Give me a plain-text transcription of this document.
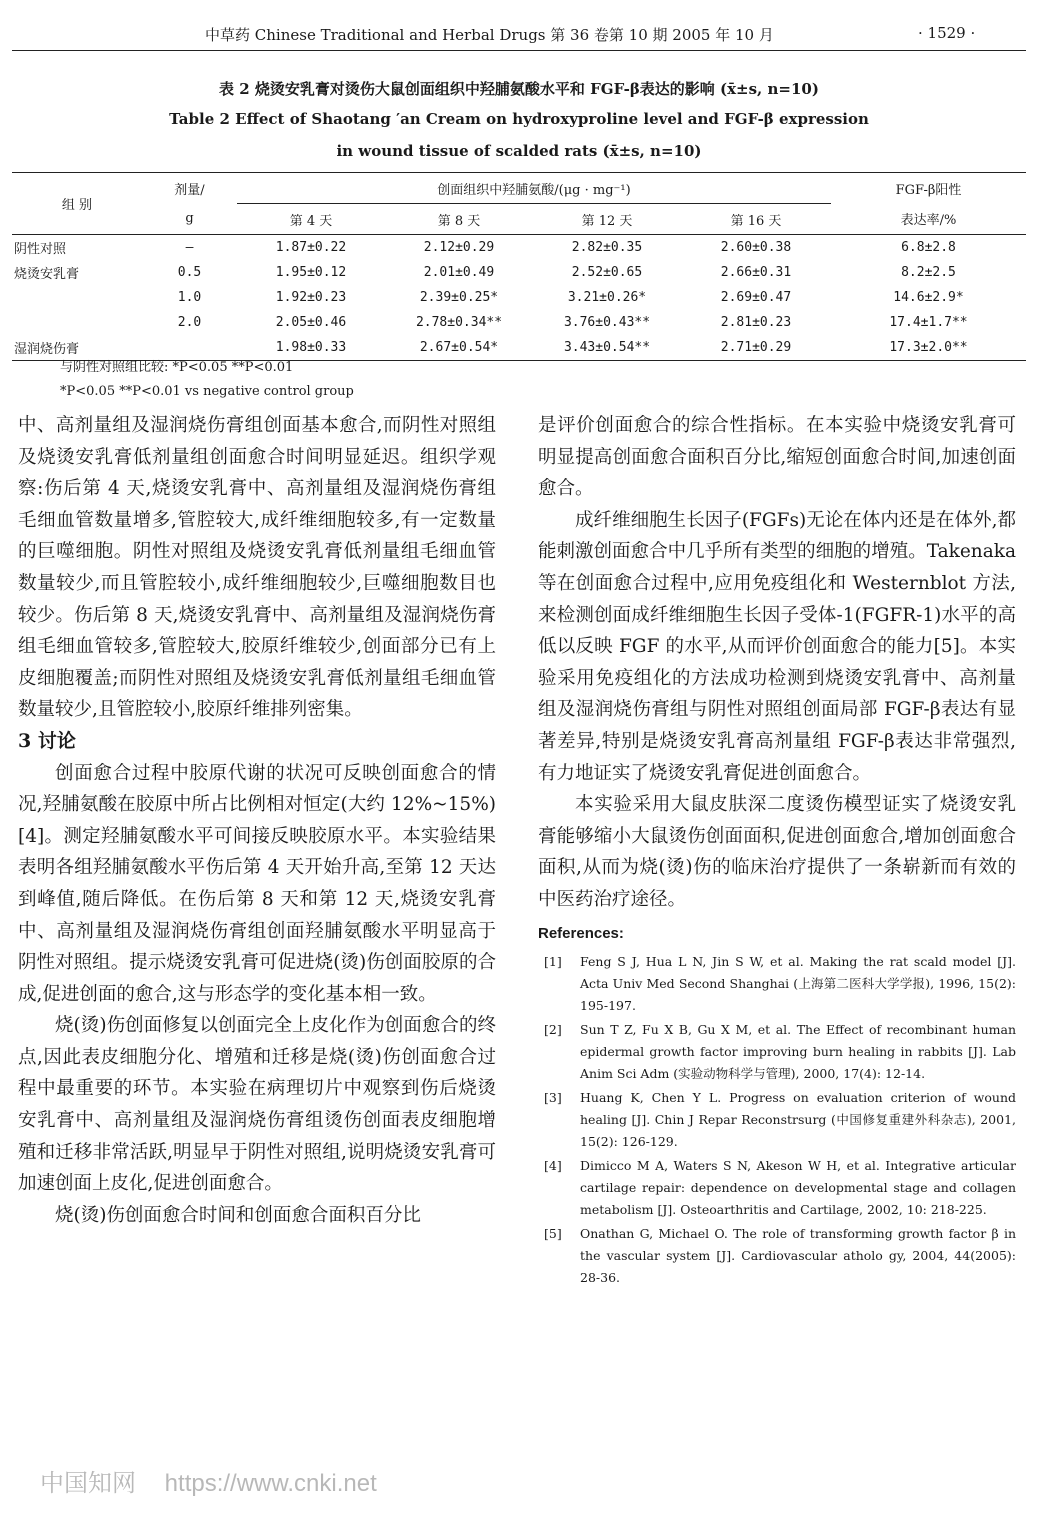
中草药 Chinese Traditional and Herbal Drugs 第 36 卷第 10 期 2005 年 10 月	· 1529 ·
表 2 烧烫安乳膏对烫伤大鼠创面组织中羟脯氨酸水平和 FGF-β表达的影响 (x̄±s, n=10)
Table 2 Effect of Shaotang ′an Cream on hydroxyproline level and FGF-β expression
in wound tissue of scalded rats (x̄±s, n=10)
组 别	剂量/	创面组织中羟脯氨酸/(μg · mg⁻¹)				FGF-β阳性
	g	第 4 天	第 8 天	第 12 天	第 16 天	表达率/%
阴性对照	—	1.87±0.22	2.12±0.29	2.82±0.35	2.60±0.38	6.8±2.8
烧烫安乳膏	0.5	1.95±0.12	2.01±0.49	2.52±0.65	2.66±0.31	8.2±2.5
	1.0	1.92±0.23	2.39±0.25*	3.21±0.26*	2.69±0.47	14.6±2.9*
	2.0	2.05±0.46	2.78±0.34**	3.76±0.43**	2.81±0.23	17.4±1.7**
湿润烧伤膏		1.98±0.33	2.67±0.54*	3.43±0.54**	2.71±0.29	17.3±2.0**
与阴性对照组比较: *P<0.05 **P<0.01
*P<0.05 **P<0.01 vs negative control group

中、高剂量组及湿润烧伤膏组创面基本愈合,而阴性对照组及烧烫安乳膏低剂量组创面愈合时间明显延迟。组织学观察:伤后第 4 天,烧烫安乳膏中、高剂量组及湿润烧伤膏组毛细血管数量增多,管腔较大,成纤维细胞较多,有一定数量的巨噬细胞。阴性对照组及烧烫安乳膏低剂量组毛细血管数量较少,而且管腔较小,成纤维细胞较少,巨噬细胞数目也较少。伤后第 8 天,烧烫安乳膏中、高剂量组及湿润烧伤膏组毛细血管较多,管腔较大,胶原纤维较少,创面部分已有上皮细胞覆盖;而阴性对照组及烧烫安乳膏低剂量组毛细血管数量较少,且管腔较小,胶原纤维排列密集。

3 讨论

创面愈合过程中胶原代谢的状况可反映创面愈合的情况,羟脯氨酸在胶原中所占比例相对恒定(大约 12%~15%)[4]。测定羟脯氨酸水平可间接反映胶原水平。本实验结果表明各组羟脯氨酸水平伤后第 4 天开始升高,至第 12 天达到峰值,随后降低。在伤后第 8 天和第 12 天,烧烫安乳膏中、高剂量组及湿润烧伤膏组创面羟脯氨酸水平明显高于阴性对照组。提示烧烫安乳膏可促进烧(烫)伤创面胶原的合成,促进创面的愈合,这与形态学的变化基本相一致。

烧(烫)伤创面修复以创面完全上皮化作为创面愈合的终点,因此表皮细胞分化、增殖和迁移是烧(烫)伤创面愈合过程中最重要的环节。本实验在病理切片中观察到伤后烧烫安乳膏中、高剂量组及湿润烧伤膏组烫伤创面表皮细胞增殖和迁移非常活跃,明显早于阴性对照组,说明烧烫安乳膏可加速创面上皮化,促进创面愈合。

烧(烫)伤创面愈合时间和创面愈合面积百分比

是评价创面愈合的综合性指标。在本实验中烧烫安乳膏可明显提高创面愈合面积百分比,缩短创面愈合时间,加速创面愈合。

成纤维细胞生长因子(FGFs)无论在体内还是在体外,都能刺激创面愈合中几乎所有类型的细胞的增殖。Takenaka 等在创面愈合过程中,应用免疫组化和 Westernblot 方法,来检测创面成纤维细胞生长因子受体-1(FGFR-1)水平的高低以反映 FGF 的水平,从而评价创面愈合的能力[5]。本实验采用免疫组化的方法成功检测到烧烫安乳膏中、高剂量组及湿润烧伤膏组与阴性对照组创面局部 FGF-β表达有显著差异,特别是烧烫安乳膏高剂量组 FGF-β表达非常强烈,有力地证实了烧烫安乳膏促进创面愈合。

本实验采用大鼠皮肤深二度烫伤模型证实了烧烫安乳膏能够缩小大鼠烫伤创面面积,促进创面愈合,增加创面愈合面积,从而为烧(烫)伤的临床治疗提供了一条崭新而有效的中医药治疗途径。

References:
[1]	Feng S J, Hua L N, Jin S W, et al. Making the rat scald model [J]. Acta Univ Med Second Shanghai (上海第二医科大学学报), 1996, 15(2): 195-197.
[2]	Sun T Z, Fu X B, Gu X M, et al. The Effect of recombinant human epidermal growth factor improving burn healing in rabbits [J]. Lab Anim Sci Adm (实验动物科学与管理), 2000, 17(4): 12-14.
[3]	Huang K, Chen Y L. Progress on evaluation criterion of wound healing [J]. Chin J Repar Reconstrsurg (中国修复重建外科杂志), 2001, 15(2): 126-129.
[4]	Dimicco M A, Waters S N, Akeson W H, et al. Integrative articular cartilage repair: dependence on developmental stage and collagen metabolism [J]. Osteoarthritis and Cartilage, 2002, 10: 218-225.
[5]	Onathan G, Michael O. The role of transforming growth factor β in the vascular system [J]. Cardiovascular atholo gy, 2004, 44(2005): 28-36.
中国知网 https://www.cnki.net
